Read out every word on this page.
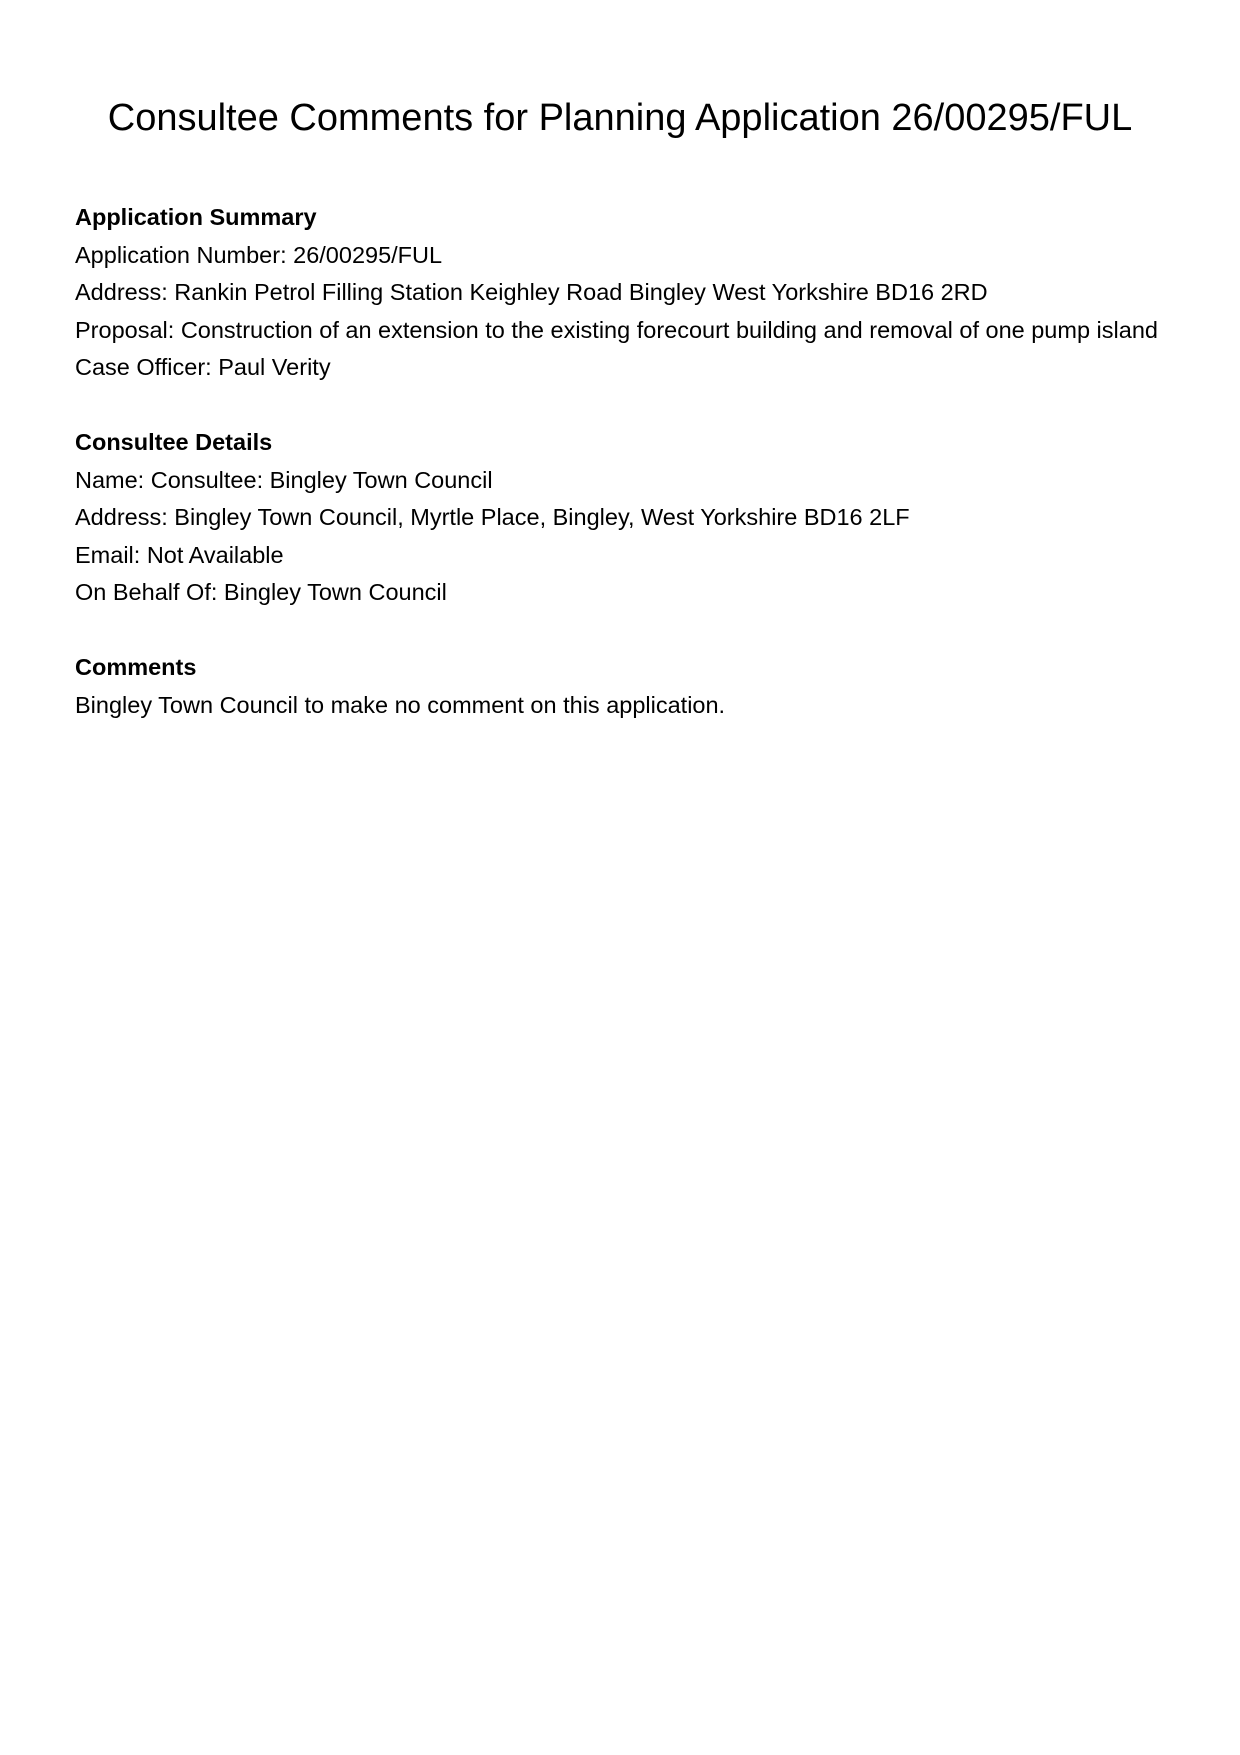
Consultee Comments for Planning Application 26/00295/FUL
Application Summary

Application Number: 26/00295/FUL

Address: Rankin Petrol Filling Station Keighley Road Bingley West Yorkshire BD16 2RD

Proposal: Construction of an extension to the existing forecourt building and removal of one pump island

Case Officer: Paul Verity

Consultee Details

Name: Consultee: Bingley Town Council

Address: Bingley Town Council, Myrtle Place, Bingley, West Yorkshire BD16 2LF

Email: Not Available

On Behalf Of: Bingley Town Council

Comments

Bingley Town Council to make no comment on this application.
